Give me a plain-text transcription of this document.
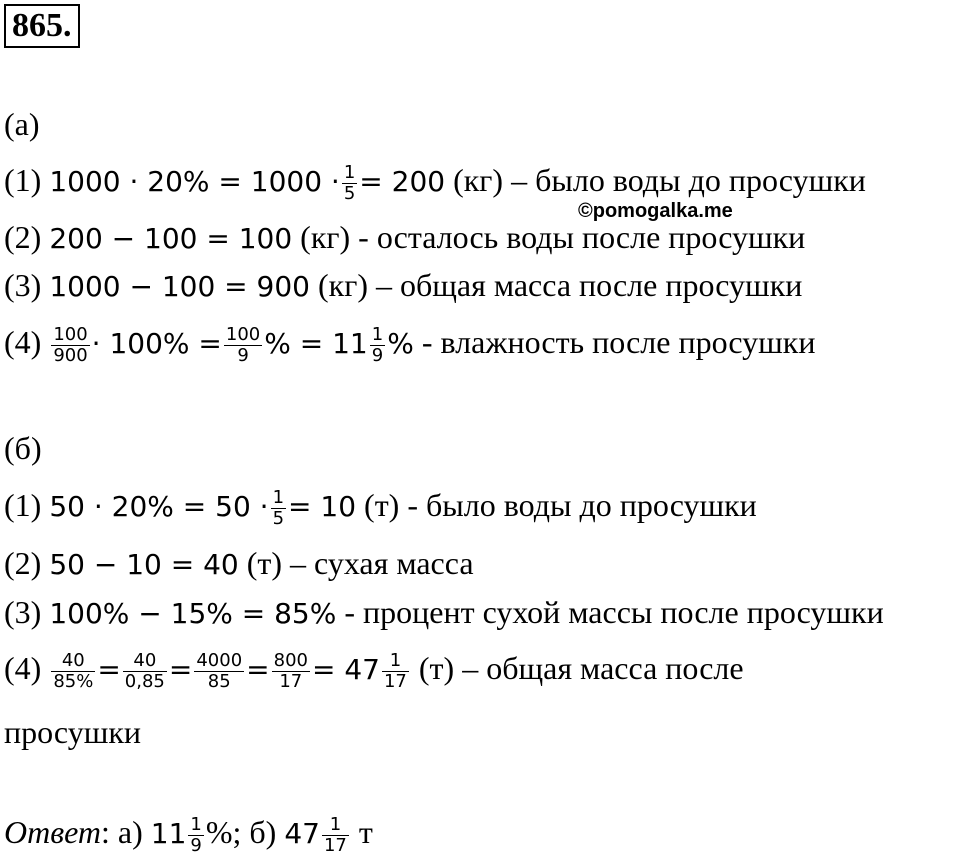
865.
©pomogalka.me
(а)
(1) $1000 \cdot 20\% = 1000 \cdot \frac{1}{5} = 200$ (кг) – было воды до просушки
(2) 200 − 100 = 100 (кг) - осталось воды после просушки
(3) 1000 − 100 = 900 (кг) – общая масса после просушки
$(4) \frac{100}{900} \cdot 100\% = \frac{100}{9}$ % = $11 \frac{1}{9}$ % - влажность после просушки
(б)
(1) $50 \cdot 20\% = 50 \cdot \frac{1}{5} = 10$ (т) - было воды до просушки
(2) 50 − 10 = 40 (т) – сухая масса
(3) 100% − 15% = 85% - процент сухой массы после просушки
$(4) \frac{40}{85\%} = \frac{40}{0,85} = \frac{4000}{85} = \frac{800}{17} = 47 \frac{1}{17} (т)$ – общая масса после
просушки
Ответ: а) $11 \frac{1}{9}$ %; б) $47 \frac{1}{17}$ т
